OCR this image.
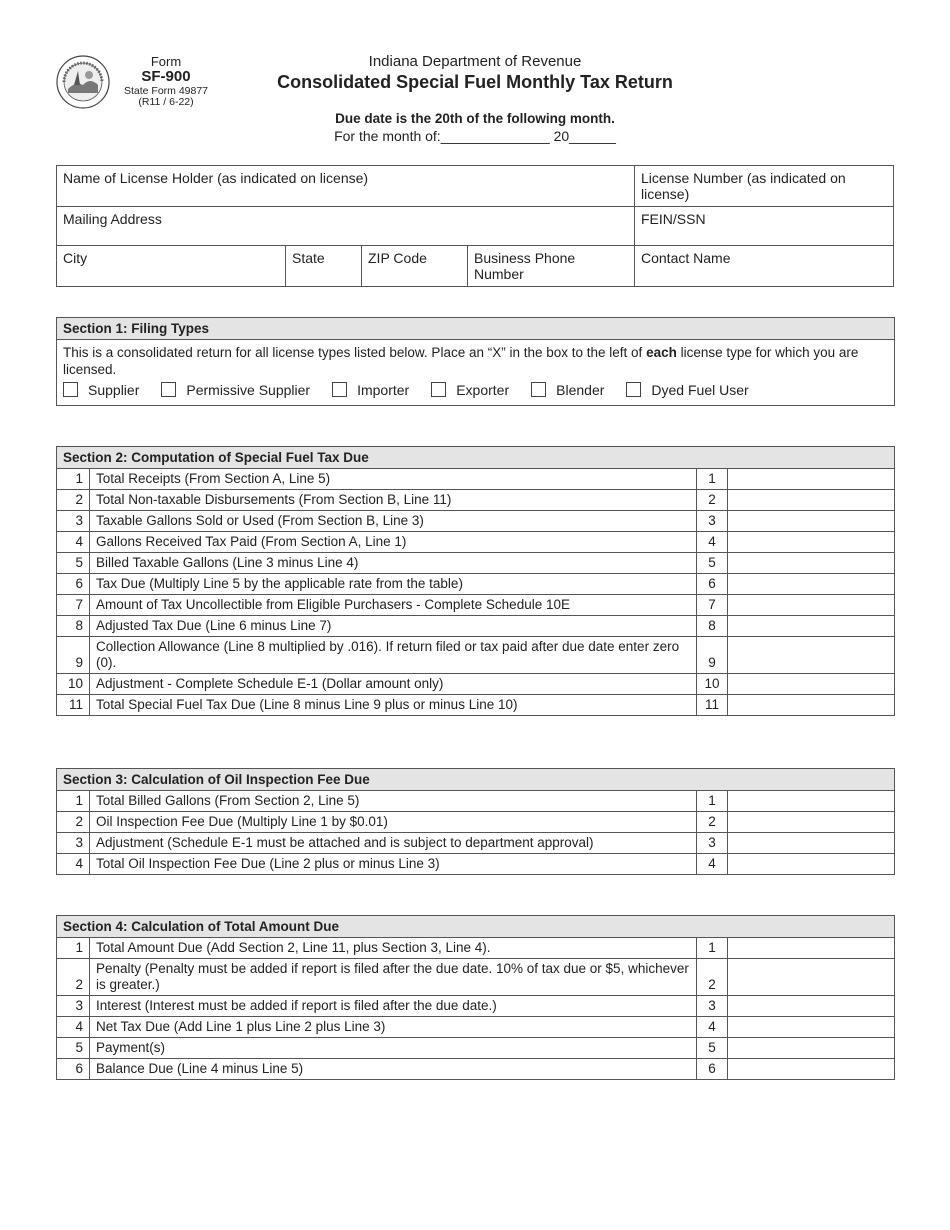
Form
SF-900
State Form 49877
(R11 / 6-22)
Indiana Department of Revenue
Consolidated Special Fuel Monthly Tax Return
Due date is the 20th of the following month.
For the month of:______________ 20______
Name of License Holder (as indicated on license)				License Number (as indicated on license)
Mailing Address				FEIN/SSN
City	State	ZIP Code	Business Phone Number	Contact Name
Section 1: Filing Types
This is a consolidated return for all license types listed below. Place an “X” in the box to the left of each license type for which you are licensed.
Supplier	Permissive Supplier	Importer	Exporter	Blender	Dyed Fuel User
Section 2: Computation of Special Fuel Tax Due
1	Total Receipts (From Section A, Line 5)	1	
2	Total Non-taxable Disbursements (From Section B, Line 11)	2	
3	Taxable Gallons Sold or Used (From Section B, Line 3)	3	
4	Gallons Received Tax Paid (From Section A, Line 1)	4	
5	Billed Taxable Gallons (Line 3 minus Line 4)	5	
6	Tax Due (Multiply Line 5 by the applicable rate from the table)	6	
7	Amount of Tax Uncollectible from Eligible Purchasers - Complete Schedule 10E	7	
8	Adjusted Tax Due (Line 6 minus Line 7)	8	
9	Collection Allowance (Line 8 multiplied by .016). If return filed or tax paid after due date enter zero (0).	9	
10	Adjustment - Complete Schedule E-1 (Dollar amount only)	10	
11	Total Special Fuel Tax Due (Line 8 minus Line 9 plus or minus Line 10)	11	
Section 3: Calculation of Oil Inspection Fee Due
1	Total Billed Gallons (From Section 2, Line 5)	1	
2	Oil Inspection Fee Due (Multiply Line 1 by $0.01)	2	
3	Adjustment (Schedule E-1 must be attached and is subject to department approval)	3	
4	Total Oil Inspection Fee Due (Line 2 plus or minus Line 3)	4	
Section 4: Calculation of Total Amount Due
1	Total Amount Due (Add Section 2, Line 11, plus Section 3, Line 4).	1	
2	Penalty (Penalty must be added if report is filed after the due date. 10% of tax due or $5, whichever is greater.)	2	
3	Interest (Interest must be added if report is filed after the due date.)	3	
4	Net Tax Due (Add Line 1 plus Line 2 plus Line 3)	4	
5	Payment(s)	5	
6	Balance Due (Line 4 minus Line 5)	6	
